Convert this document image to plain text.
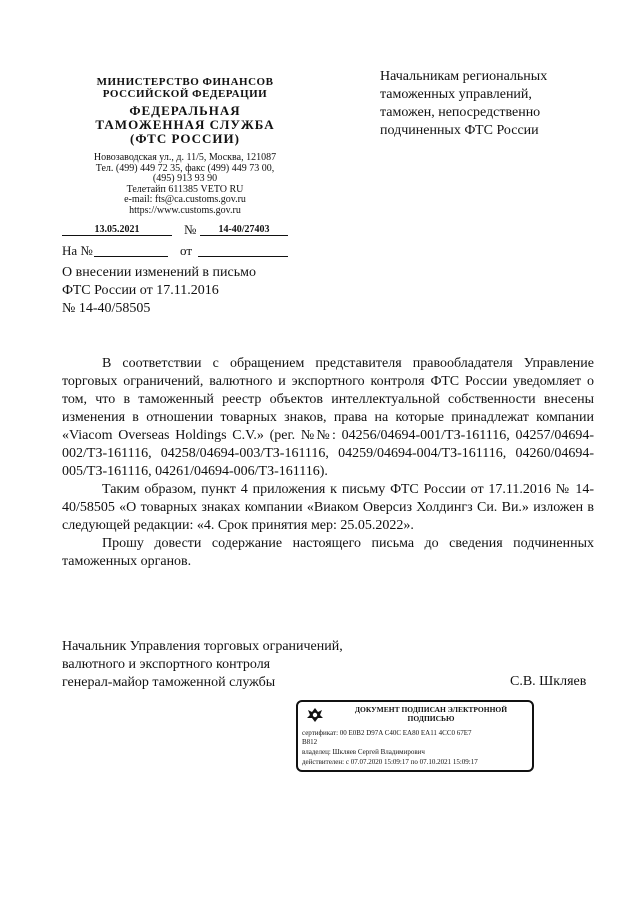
МИНИСТЕРСТВО ФИНАНСОВ
РОССИЙСКОЙ ФЕДЕРАЦИИ
ФЕДЕРАЛЬНАЯ
ТАМОЖЕННАЯ СЛУЖБА
(ФТС РОССИИ)
Новозаводская ул., д. 11/5, Москва, 121087
Тел. (499) 449 72 35, факс (499) 449 73 00,
(495) 913 93 90
Телетайп 611385 VETO RU
e-mail: fts@ca.customs.gov.ru
https://www.customs.gov.ru
Начальникам региональных таможенных управлений, таможен, непосредственно подчиненных ФТС России
13.05.2021	№	14-40/27403
На №	от
О внесении изменений в письмо
ФТС России от 17.11.2016
№ 14-40/58505

В соответствии с обращением представителя правообладателя Управление торговых ограничений, валютного и экспортного контроля ФТС России уведомляет о том, что в таможенный реестр объектов интеллектуальной собственности внесены изменения в отношении товарных знаков, права на которые принадлежат компании «Viacom Overseas Holdings C.V.» (рег. №№: 04256/04694-001/ТЗ-161116, 04257/04694-002/ТЗ-161116, 04258/04694-003/ТЗ-161116, 04259/04694-004/ТЗ-161116, 04260/04694-005/ТЗ-161116, 04261/04694-006/ТЗ-161116).

Таким образом, пункт 4 приложения к письму ФТС России от 17.11.2016 № 14-40/58505 «О товарных знаках компании «Виаком Оверсиз Холдингз Си. Ви.» изложен в следующей редакции: «4. Срок принятия мер: 25.05.2022».

Прошу довести содержание настоящего письма до сведения подчиненных таможенных органов.

Начальник Управления торговых ограничений,
валютного и экспортного контроля
генерал-майор таможенной службы	С.В. Шкляев
ДОКУМЕНТ ПОДПИСАН ЭЛЕКТРОННОЙ ПОДПИСЬЮ
сертификат: 00 E0B2 D97A C40C EA80 EA11 4CC0 67E7
B812
владелец: Шкляев Сергей Владимирович
действителен: с 07.07.2020 15:09:17 по 07.10.2021 15:09:17
